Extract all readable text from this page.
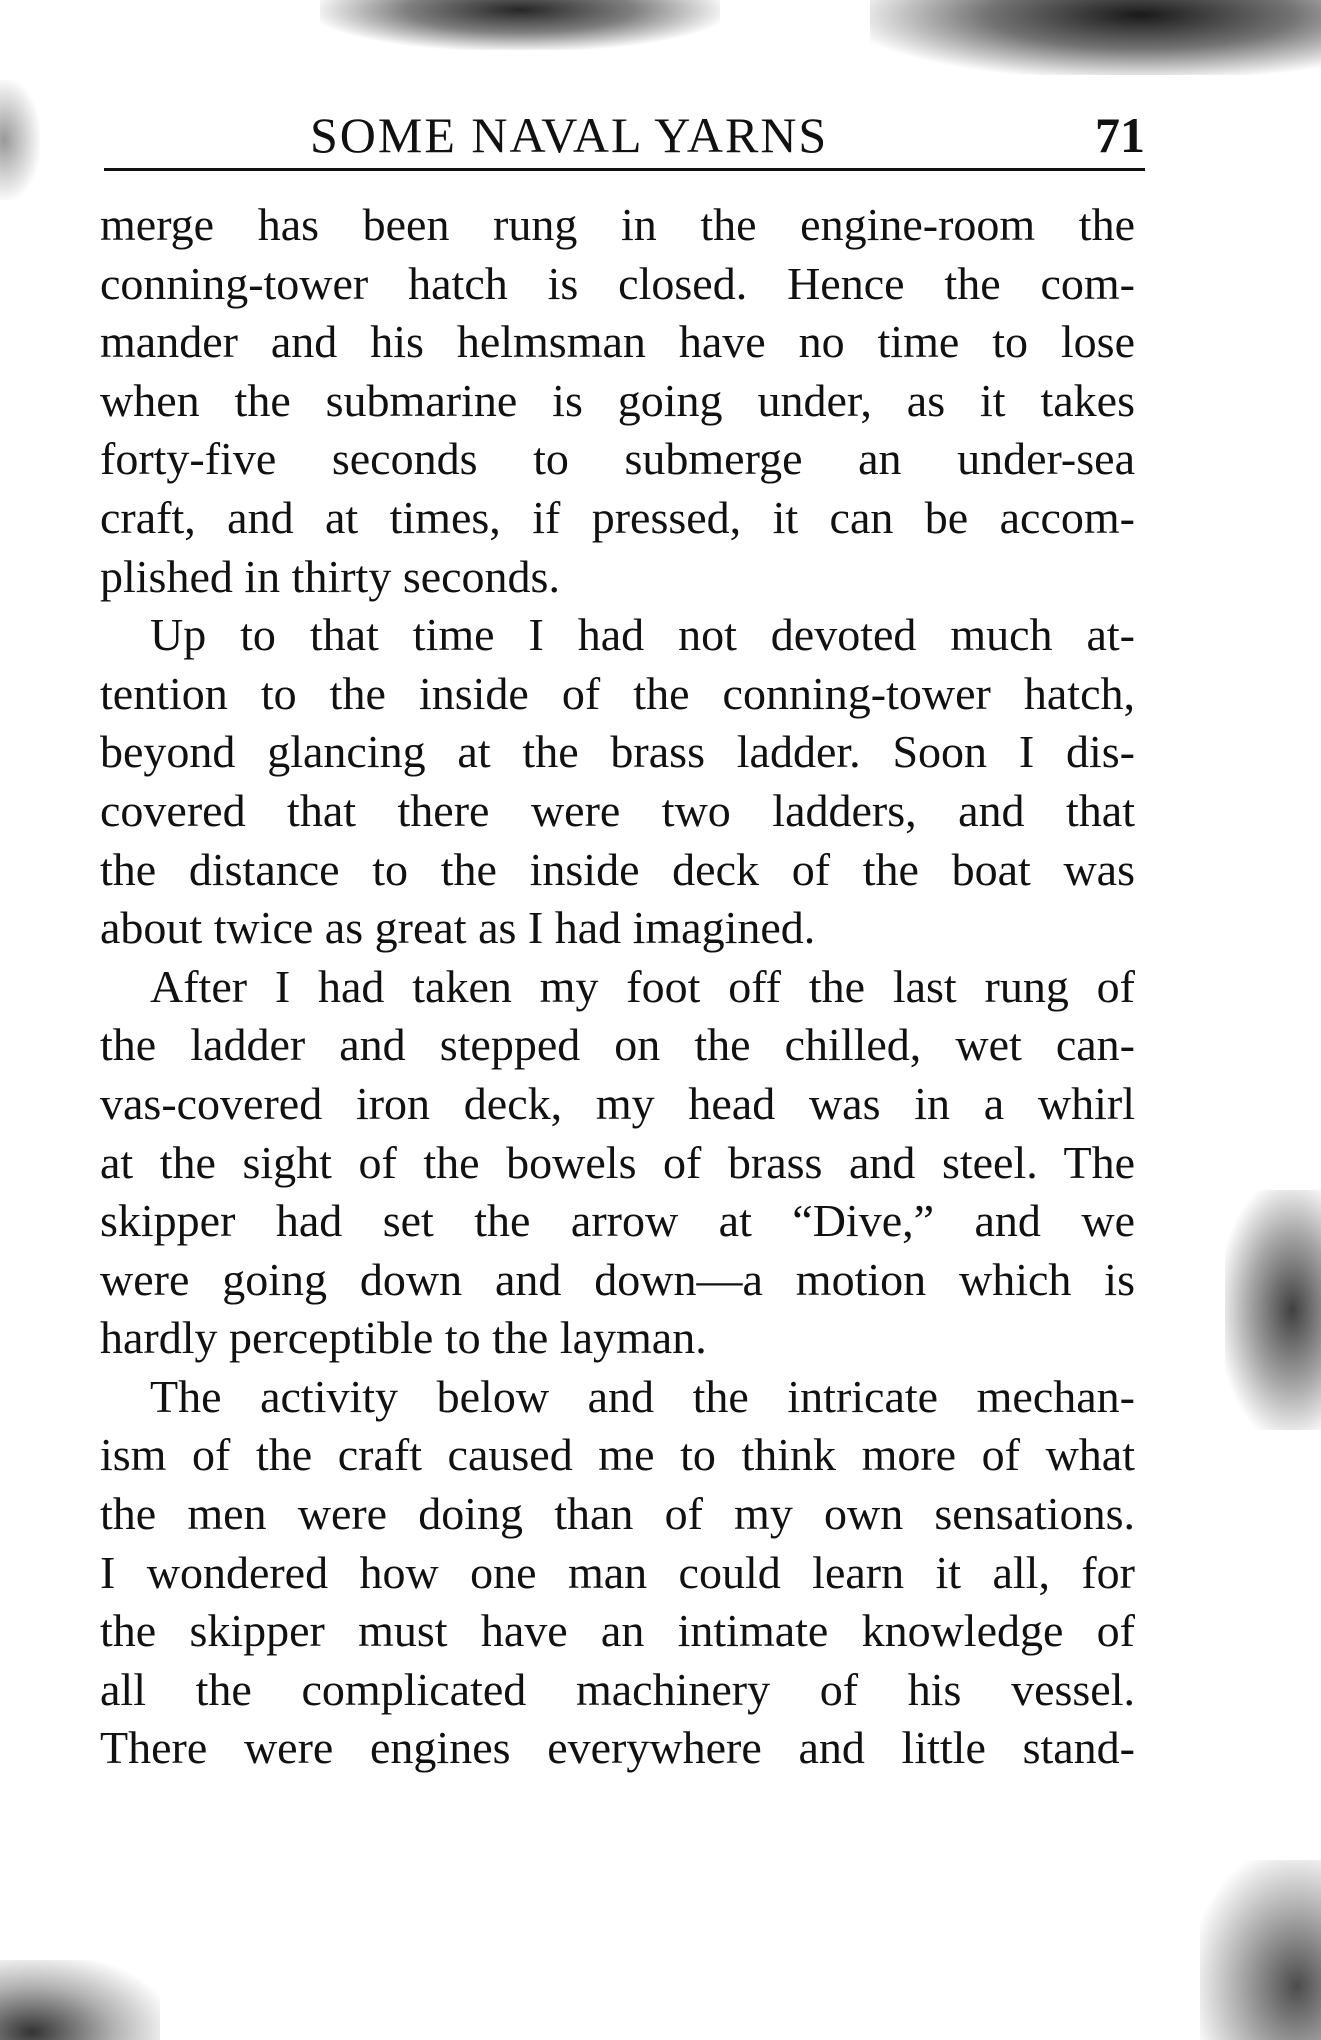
SOME NAVAL YARNS	71
merge has been rung in the engine-room the
conning-tower hatch is closed. Hence the com-
mander and his helmsman have no time to lose
when the submarine is going under, as it takes
forty-five seconds to submerge an under-sea
craft, and at times, if pressed, it can be accom-
plished in thirty seconds.
Up to that time I had not devoted much at-
tention to the inside of the conning-tower hatch,
beyond glancing at the brass ladder. Soon I dis-
covered that there were two ladders, and that
the distance to the inside deck of the boat was
about twice as great as I had imagined.
After I had taken my foot off the last rung of
the ladder and stepped on the chilled, wet can-
vas-covered iron deck, my head was in a whirl
at the sight of the bowels of brass and steel. The
skipper had set the arrow at “Dive,” and we
were going down and down—a motion which is
hardly perceptible to the layman.
The activity below and the intricate mechan-
ism of the craft caused me to think more of what
the men were doing than of my own sensations.
I wondered how one man could learn it all, for
the skipper must have an intimate knowledge of
all the complicated machinery of his vessel.
There were engines everywhere and little stand-
